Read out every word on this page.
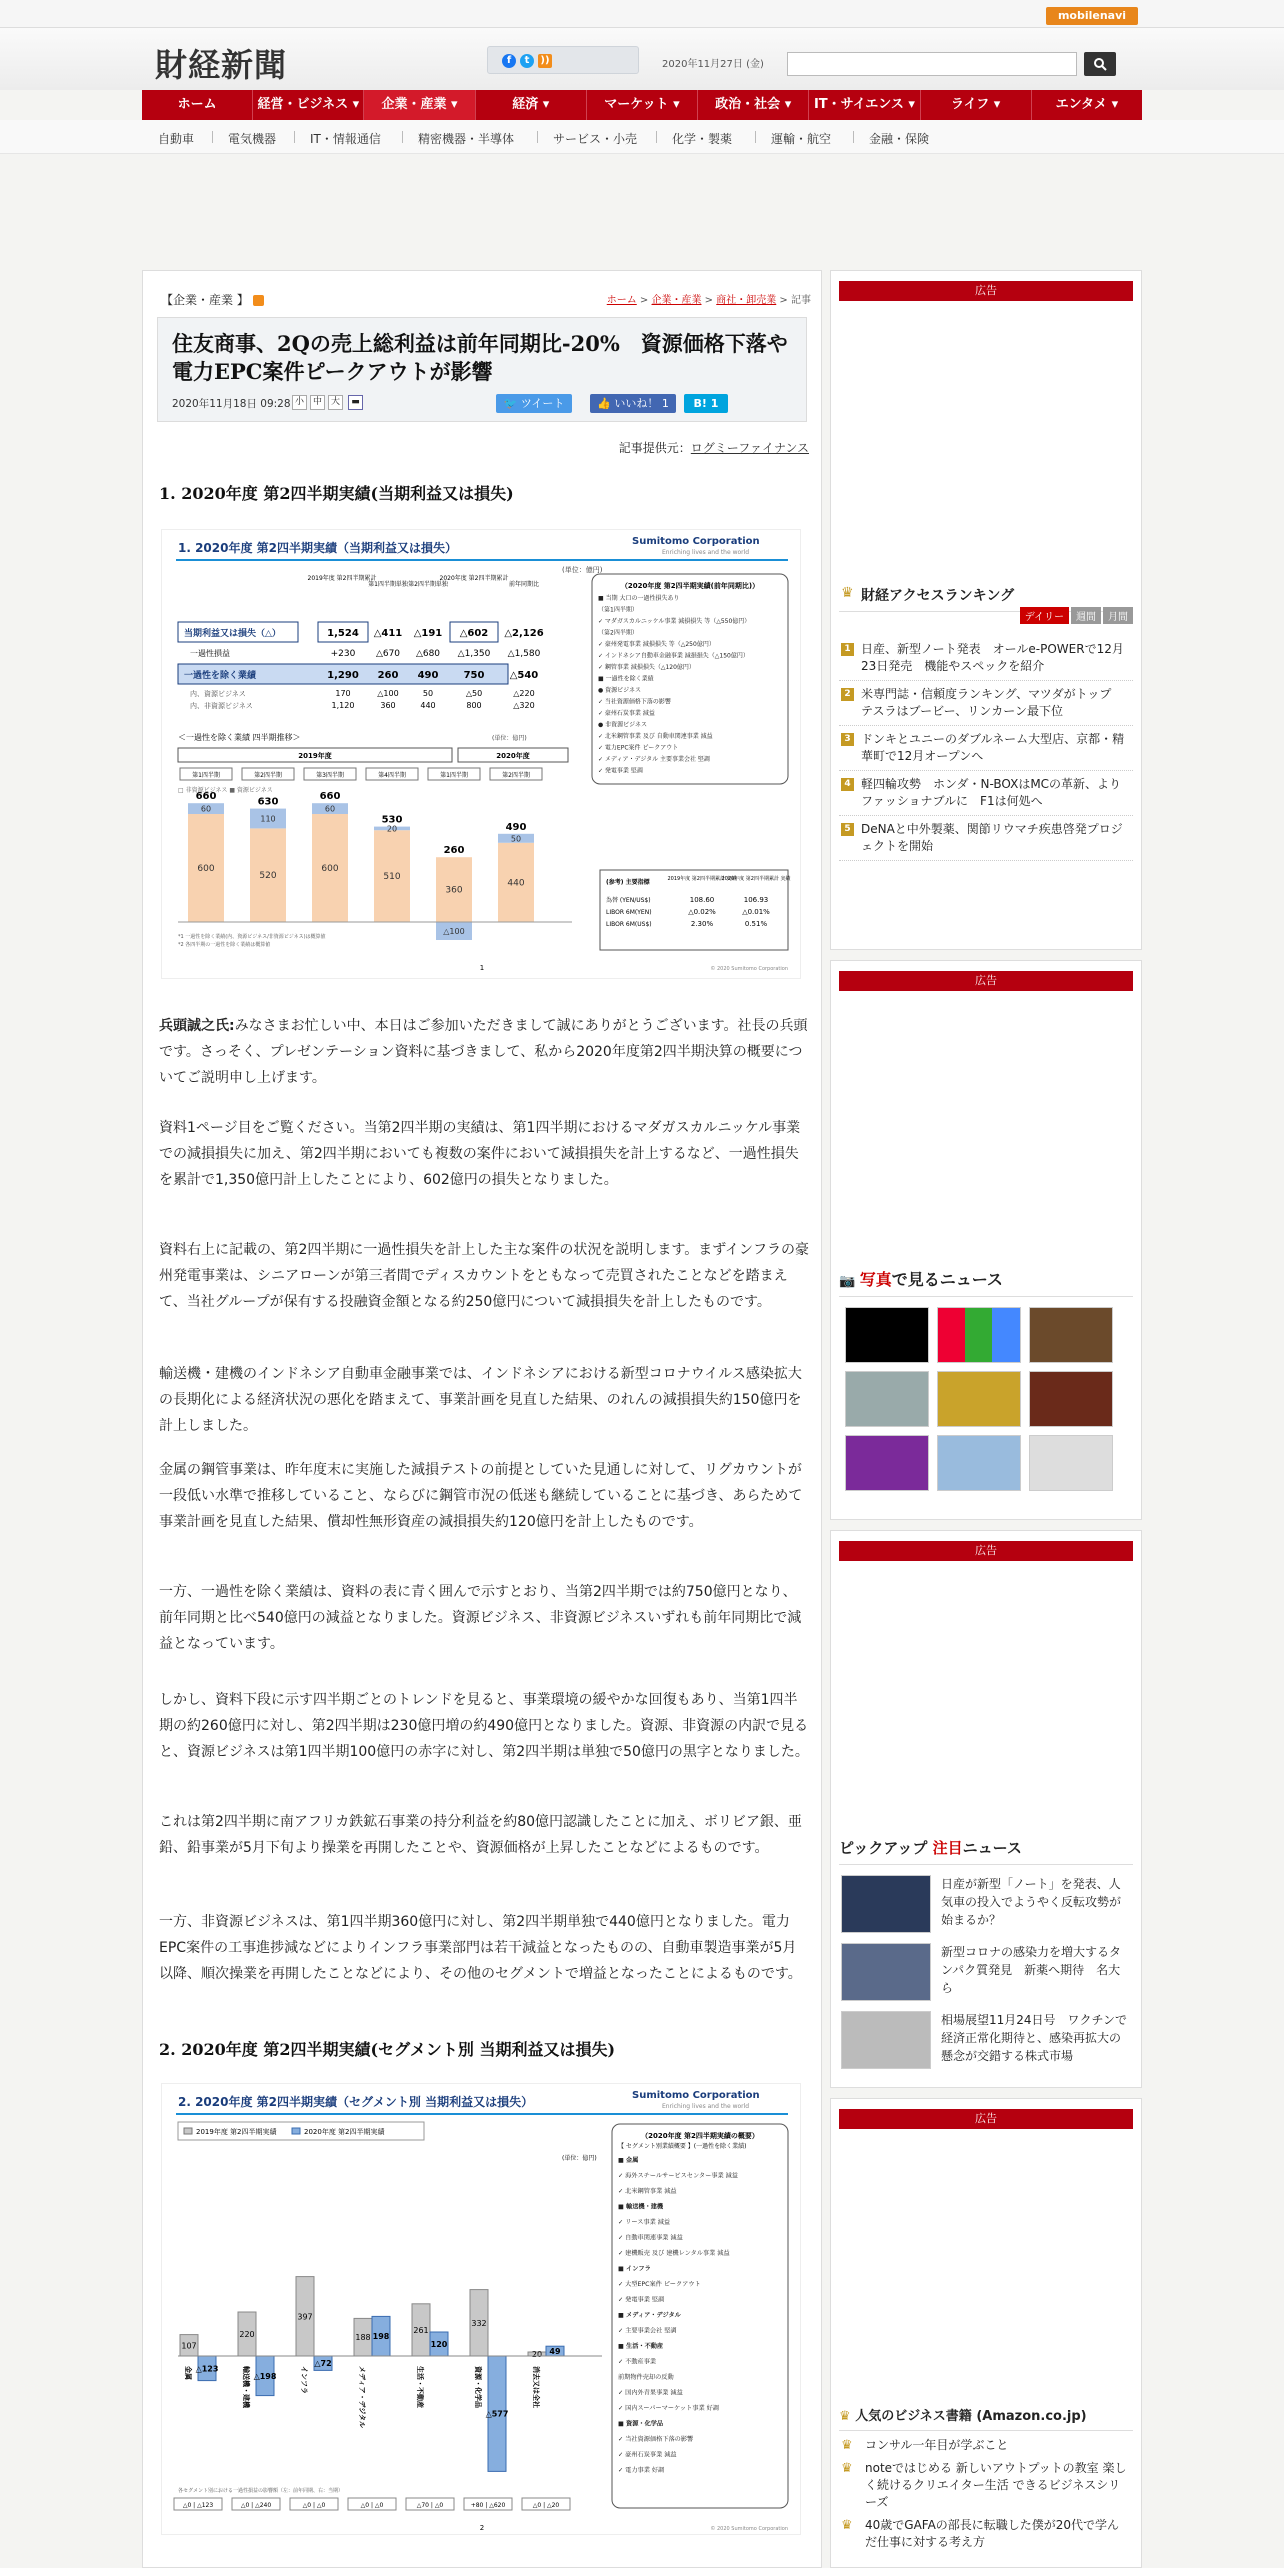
mobilenavi
財経新聞	f	t	))	2020年11月27日 (金)
ホーム	経営・ビジネス ▾	企業・産業 ▾	経済 ▾	マーケット ▾	政治・社会 ▾	IT・サイエンス ▾	ライフ ▾	エンタメ ▾
自動車	電気機器	IT・情報通信	精密機器・半導体	サービス・小売	化学・製薬	運輸・航空	金融・保険
【企業・産業 】	ホーム > 企業・産業 > 商社・卸売業 > 記事
住友商事、2Qの売上総利益は前年同期比-20%　資源価格下落や電力EPC案件ピークアウトが影響
2020年11月18日 09:28 小 中 大	▬	🐦 ツイート	👍 いいね！ 1	B! 1
記事提供元：ログミーファイナンス
1. 2020年度 第2四半期実績(当期利益又は損失)
1. 2020年度 第2四半期実績（当期利益又は損失）	Sumitomo Corporation
Enriching lives and the world
(単位：億円)
2019年度 第2四半期累計
第1四半期単独 第2四半期単独
2020年度 第2四半期累計
前年同期比
当期利益又は損失（△）	1,524 △411 △191 △602 △2,126
一過性損益	+230 △670 △680 △1,350 △1,580
一過性を除く業績	1,290 260 490	750	△540
内、資源ビジネス	170	△100	50	△50	△220
内、非資源ビジネス	1,120	360	440	800	△320
（2020年度 第2四半期実績(前年同期比)）
■ 当期 大口の一過性損失あり
（第1四半期）
✓ マダガスカルニッケル事業 減損損失 等（△550億円）
（第2四半期）
✓ 豪州発電事業 減損損失 等（△250億円）
✓ インドネシア自動車金融事業 減損損失（△150億円）
✓ 鋼管事業 減損損失（△120億円）
■ 一過性を除く業績
● 資源ビジネス
✓ 当社資源価格下落の影響
✓ 豪州石炭事業 減益
● 非資源ビジネス
✓ 北米鋼管事業 及び 自動車関連事業 減益
✓ 電力EPC案件 ピークアウト
✓ メディア・デジタル 主要事業会社 堅調
✓ 発電事業 堅調
＜一過性を除く業績 四半期推移＞	(単位：億円)
2019年度	2020年度
第1四半期	第2四半期	第3四半期	第4四半期	第1四半期	第2四半期
□ 非資源ビジネス ■ 資源ビジネス
600
60
660
520
110
630
600
60
660
510
20
530
360
△100
260
440
50
490
(参考) 主要指標	2019年度 第2四半期累計 実績
2020年度 第2四半期累計 実績
為替 (YEN/US$)	108.60	106.93
LIBOR 6M(YEN)	△0.02%	△0.01%
LIBOR 6M(US$)	2.30%	0.51%
*1 一過性を除く業績(内、資源ビジネス/非資源ビジネス)は概算値
*2 各四半期の一過性を除く業績は概算値
1	© 2020 Sumitomo Corporation

兵頭誠之氏:みなさまお忙しい中、本日はご参加いただきまして誠にありがとうございます。社長の兵頭です。さっそく、プレゼンテーション資料に基づきまして、私から2020年度第2四半期決算の概要についてご説明申し上げます。

資料1ページ目をご覧ください。当第2四半期の実績は、第1四半期におけるマダガスカルニッケル事業での減損損失に加え、第2四半期においても複数の案件において減損損失を計上するなど、一過性損失を累計で1,350億円計上したことにより、602億円の損失となりました。

資料右上に記載の、第2四半期に一過性損失を計上した主な案件の状況を説明します。まずインフラの豪州発電事業は、シニアローンが第三者間でディスカウントをともなって売買されたことなどを踏まえて、当社グループが保有する投融資金額となる約250億円について減損損失を計上したものです。

輸送機・建機のインドネシア自動車金融事業では、インドネシアにおける新型コロナウイルス感染拡大の長期化による経済状況の悪化を踏まえて、事業計画を見直した結果、のれんの減損損失約150億円を計上しました。

金属の鋼管事業は、昨年度末に実施した減損テストの前提としていた見通しに対して、リグカウントが一段低い水準で推移していること、ならびに鋼管市況の低迷も継続していることに基づき、あらためて事業計画を見直した結果、償却性無形資産の減損損失約120億円を計上したものです。

一方、一過性を除く業績は、資料の表に青く囲んで示すとおり、当第2四半期では約750億円となり、前年同期と比べ540億円の減益となりました。資源ビジネス、非資源ビジネスいずれも前年同期比で減益となっています。

しかし、資料下段に示す四半期ごとのトレンドを見ると、事業環境の緩やかな回復もあり、当第1四半期の約260億円に対し、第2四半期は230億円増の約490億円となりました。資源、非資源の内訳で見ると、資源ビジネスは第1四半期100億円の赤字に対し、第2四半期は単独で50億円の黒字となりました。

これは第2四半期に南アフリカ鉄鉱石事業の持分利益を約80億円認識したことに加え、ボリビア銀、亜鉛、鉛事業が5月下旬より操業を再開したことや、資源価格が上昇したことなどによるものです。

一方、非資源ビジネスは、第1四半期360億円に対し、第2四半期単独で440億円となりました。電力EPC案件の工事進捗減などによりインフラ事業部門は若干減益となったものの、自動車製造事業が5月以降、順次操業を再開したことなどにより、その他のセグメントで増益となったことによるものです。

2. 2020年度 第2四半期実績(セグメント別 当期利益又は損失)
2. 2020年度 第2四半期実績（セグメント別 当期利益又は損失）	Sumitomo Corporation
Enriching lives and the world
2019年度 第2四半期実績	2020年度 第2四半期実績
(単位：億円)
107
△123
金属
220
△198
輸送機・建機
397
△72
インフラ
188 198
メディア・デジタル
261
120
生活・不動産
332
△577
資源・化学品
20 49
消去又は全社
（2020年度 第2四半期実績の概要）
【 セグメント別業績概要 】(一過性を除く業績)
■ 金属
✓ 海外スチールサービスセンター事業 減益
✓ 北米鋼管事業 減益
■ 輸送機・建機
✓ リース事業 減益
✓ 自動車関連事業 減益
✓ 建機販売 及び 建機レンタル事業 減益
■ インフラ
✓ 大型EPC案件 ピークアウト
✓ 発電事業 堅調
■ メディア・デジタル
✓ 主要事業会社 堅調
■ 生活・不動産
✓ 不動産事業
前期物件売却の反動
✓ 国内外青果事業 減益
✓ 国内スーパーマーケット事業 好調
■ 資源・化学品
✓ 当社資源価格下落の影響
✓ 豪州石炭事業 減益
✓ 電力事業 好調
各セグメント別における一過性損益の影響額（左：前年同期、右：当期）
△0 | △123	△0 | △240	△0 | △0	△0 | △0	△70 | △0	+80 | △620	△0 | △20
2	© 2020 Sumitomo Corporation
広告
♛ 財経アクセスランキング
デイリー 週間 月間
1 日産、新型ノート発表　オールe-POWERで12月23日発売　機能やスペックを紹介
2 米専門誌・信頼度ランキング、マツダがトップ　テスラはブービー、リンカーン最下位
3 ドンキとユニーのダブルネーム大型店、京都・精華町で12月オープンへ
4 軽四輪攻勢　ホンダ・N-BOXはMCの革新、よりファッショナブルに　F1は何処へ
5 DeNAと中外製薬、関節リウマチ疾患啓発プロジェクトを開始
広告
📷 写真で見るニュース
広告
ピックアップ 注目ニュース
日産が新型「ノート」を発表、人気車の投入でようやく反転攻勢が始まるか？
新型コロナの感染力を増大するタンパク質発見　新薬へ期待　名大ら
相場展望11月24日号　ワクチンで経済正常化期待と、感染再拡大の懸念が交錯する株式市場
広告
♛ 人気のビジネス書籍 (Amazon.co.jp)
♛	コンサル一年目が学ぶこと
♛	noteではじめる 新しいアウトプットの教室 楽しく続けるクリエイター生活 できるビジネスシリーズ
♛	40歳でGAFAの部長に転職した僕が20代で学んだ仕事に対する考え方
